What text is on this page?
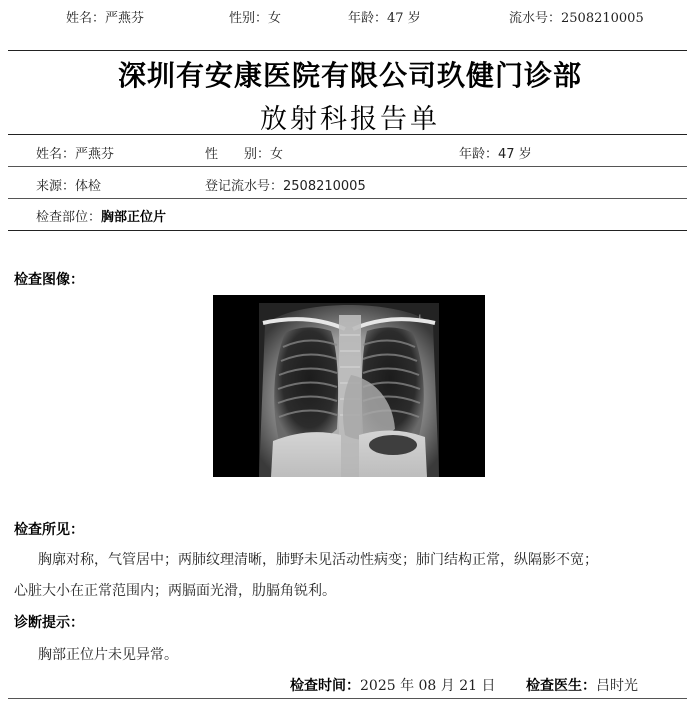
姓名：严燕芬	性别：女	年龄：47 岁	流水号：2508210005
深圳有安康医院有限公司玖健门诊部
放射科报告单
姓名：严燕芬	性　　别：女	年龄：47 岁
来源：体检	登记流水号：2508210005
检查部位：胸部正位片
检查图像：
L
检查所见：
胸廓对称，气管居中；两肺纹理清晰，肺野未见活动性病变；肺门结构正常，纵隔影不宽；
心脏大小在正常范围内；两膈面光滑，肋膈角锐利。
诊断提示：
胸部正位片未见异常。
检查时间：2025 年 08 月 21 日 检查医生：吕时光
